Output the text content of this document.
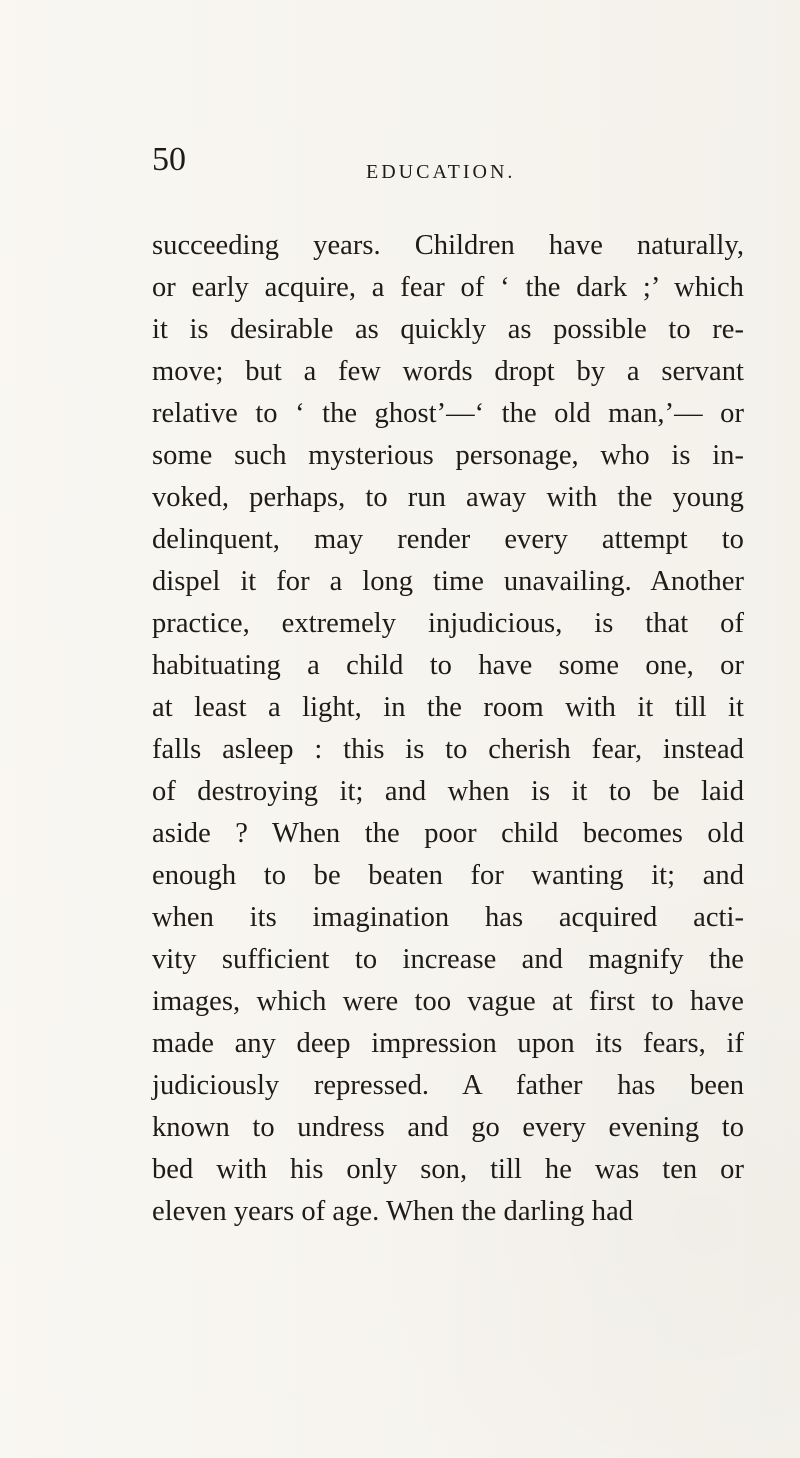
50	EDUCATION.
succeeding years. Children have naturally,
or early acquire, a fear of ‘ the dark ;’ which
it is desirable as quickly as possible to re-
move; but a few words dropt by a servant
relative to ‘ the ghost’—‘ the old man,’— or
some such mysterious personage, who is in-
voked, perhaps, to run away with the young
delinquent, may render every attempt to
dispel it for a long time unavailing. Another
practice, extremely injudicious, is that of
habituating a child to have some one, or
at least a light, in the room with it till it
falls asleep : this is to cherish fear, instead
of destroying it; and when is it to be laid
aside ? When the poor child becomes old
enough to be beaten for wanting it; and
when its imagination has acquired acti-
vity sufficient to increase and magnify the
images, which were too vague at first to have
made any deep impression upon its fears, if
judiciously repressed. A father has been
known to undress and go every evening to
bed with his only son, till he was ten or
eleven years of age. When the darling had
